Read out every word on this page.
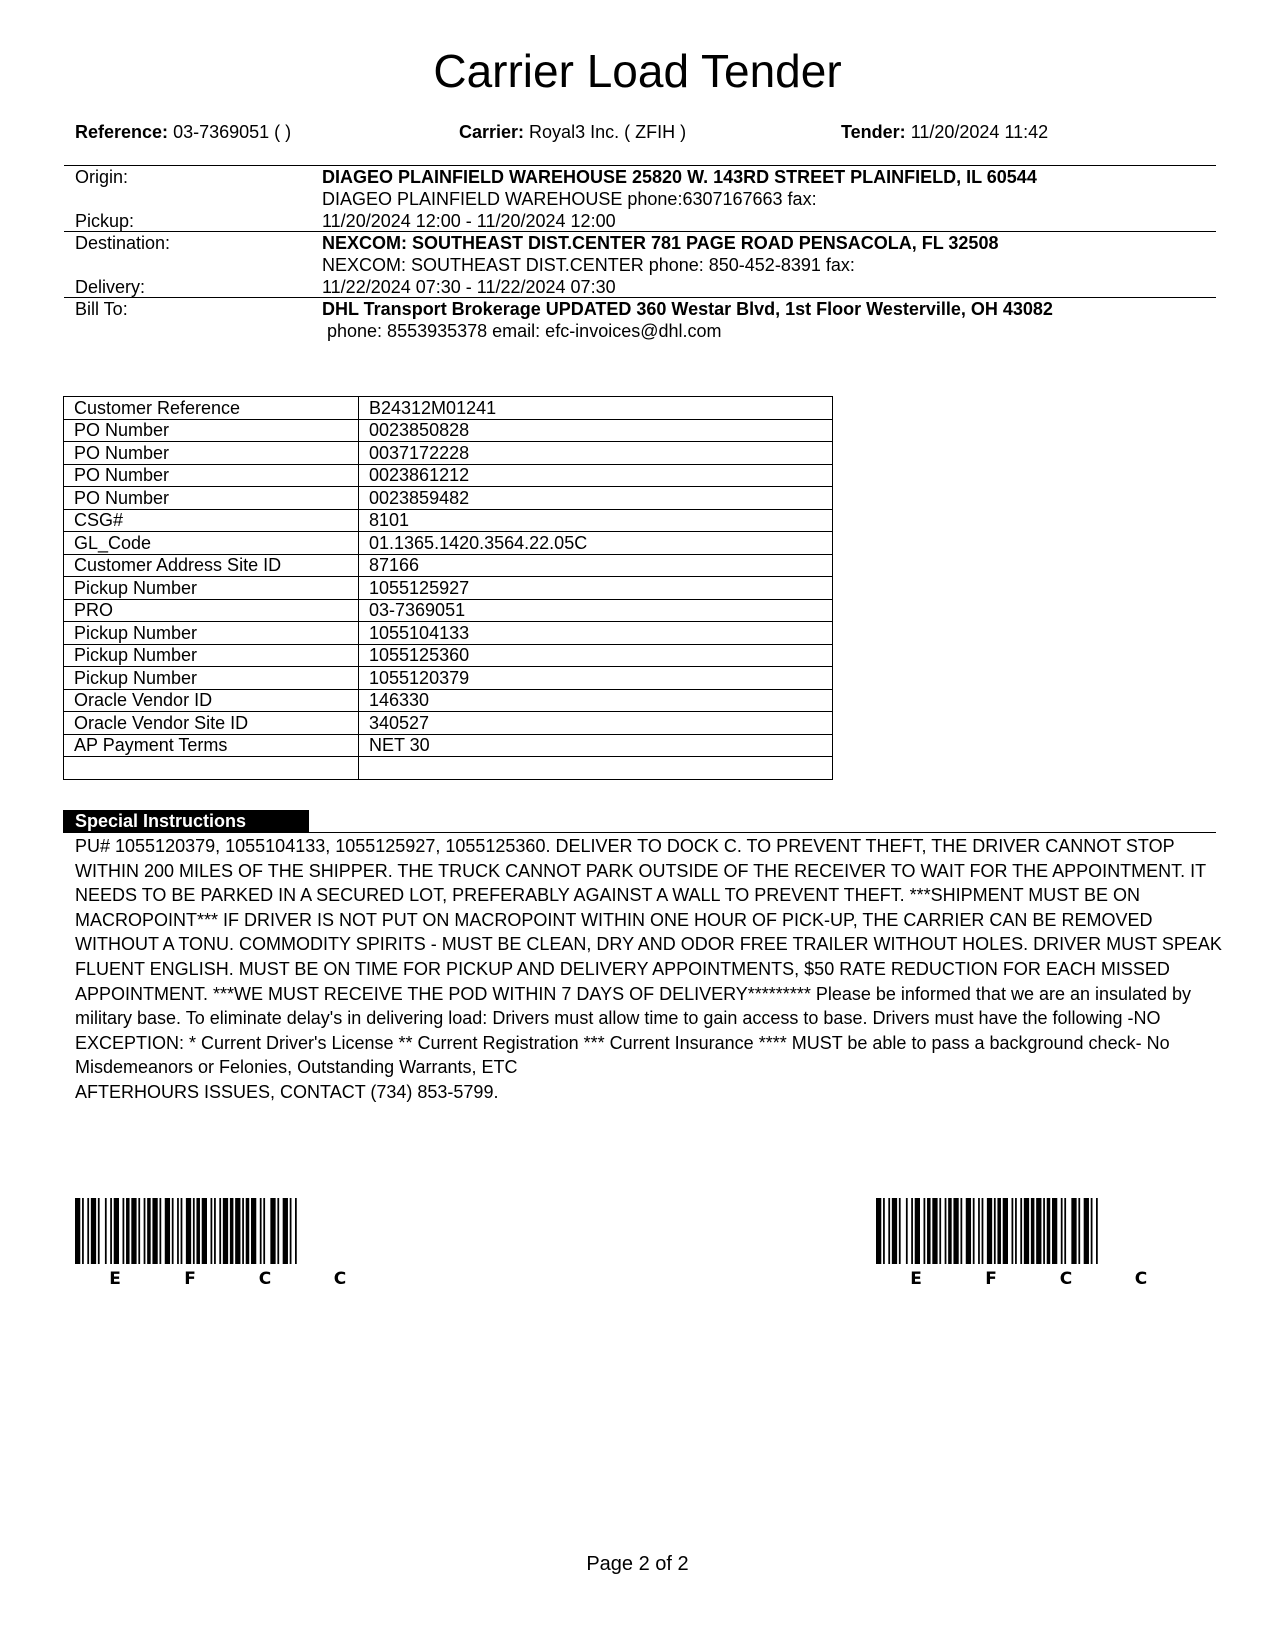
Carrier Load Tender
Reference: 03-7369051 ( )	Carrier: Royal3 Inc. ( ZFIH )	Tender: 11/20/2024 11:42
Origin:	DIAGEO PLAINFIELD WAREHOUSE 25820 W. 143RD STREET PLAINFIELD, IL 60544
DIAGEO PLAINFIELD WAREHOUSE phone:6307167663 fax:
Pickup:	11/20/2024 12:00 - 11/20/2024 12:00
Destination:	NEXCOM: SOUTHEAST DIST.CENTER 781 PAGE ROAD PENSACOLA, FL 32508
NEXCOM: SOUTHEAST DIST.CENTER phone: 850-452-8391 fax:
Delivery:	11/22/2024 07:30 - 11/22/2024 07:30
Bill To:	DHL Transport Brokerage UPDATED 360 Westar Blvd, 1st Floor Westerville, OH 43082
phone: 8553935378 email: efc-invoices@dhl.com
Customer Reference	B24312M01241
PO Number	0023850828
PO Number	0037172228
PO Number	0023861212
PO Number	0023859482
CSG#	8101
GL_Code	01.1365.1420.3564.22.05C
Customer Address Site ID	87166
Pickup Number	1055125927
PRO	03-7369051
Pickup Number	1055104133
Pickup Number	1055125360
Pickup Number	1055120379
Oracle Vendor ID	146330
Oracle Vendor Site ID	340527
AP Payment Terms	NET 30

Special Instructions

PU# 1055120379, 1055104133, 1055125927, 1055125360. DELIVER TO DOCK C. TO PREVENT THEFT, THE DRIVER CANNOT STOP WITHIN 200 MILES OF THE SHIPPER. THE TRUCK CANNOT PARK OUTSIDE OF THE RECEIVER TO WAIT FOR THE APPOINTMENT. IT NEEDS TO BE PARKED IN A SECURED LOT, PREFERABLY AGAINST A WALL TO PREVENT THEFT. ***SHIPMENT MUST BE ON MACROPOINT*** IF DRIVER IS NOT PUT ON MACROPOINT WITHIN ONE HOUR OF PICK-UP, THE CARRIER CAN BE REMOVED WITHOUT A TONU. COMMODITY SPIRITS - MUST BE CLEAN, DRY AND ODOR FREE TRAILER WITHOUT HOLES. DRIVER MUST SPEAK FLUENT ENGLISH. MUST BE ON TIME FOR PICKUP AND DELIVERY APPOINTMENTS, $50 RATE REDUCTION FOR EACH MISSED APPOINTMENT. ***WE MUST RECEIVE THE POD WITHIN 7 DAYS OF DELIVERY********* Please be informed that we are an insulated by military base. To eliminate delay's in delivering load: Drivers must allow time to gain access to base. Drivers must have the following -NO EXCEPTION: * Current Driver's License ** Current Registration *** Current Insurance **** MUST be able to pass a background check- No Misdemeanors or Felonies, Outstanding Warrants, ETC

AFTERHOURS ISSUES, CONTACT (734) 853-5799.

E	F	C	C	E	F	C	C
Page 2 of 2
